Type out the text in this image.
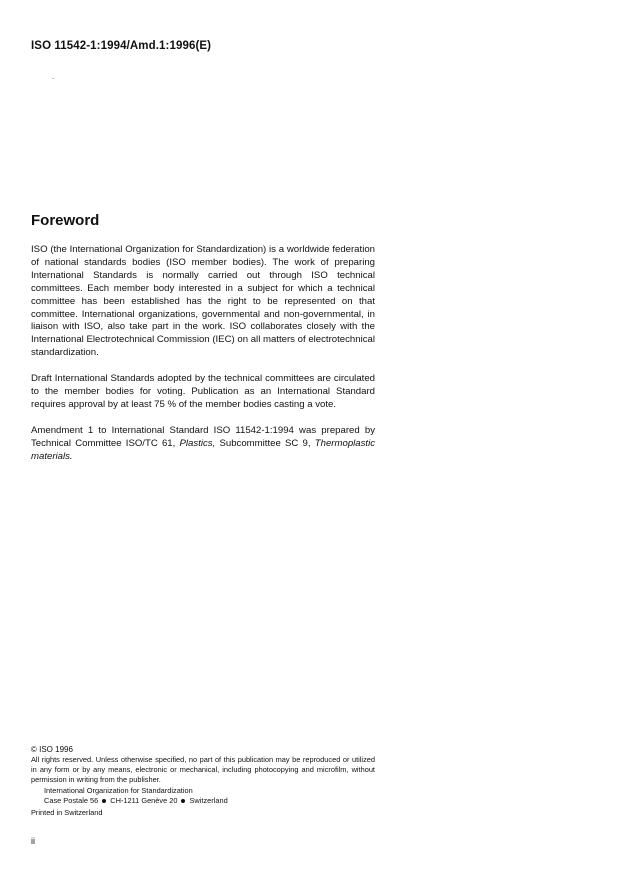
ISO 11542-1:1994/Amd.1:1996(E)
.
Foreword

ISO (the International Organization for Standardization) is a worldwide federation of national standards bodies (ISO member bodies). The work of preparing International Standards is normally carried out through ISO technical committees. Each member body interested in a subject for which a technical committee has been established has the right to be represented on that committee. International organizations, governmental and non-governmental, in liaison with ISO, also take part in the work. ISO collaborates closely with the International Electrotechnical Commission (IEC) on all matters of electrotechnical standardization.

Draft International Standards adopted by the technical committees are circulated to the member bodies for voting. Publication as an International Standard requires approval by at least 75 % of the member bodies casting a vote.

Amendment 1 to International Standard ISO 11542-1:1994 was prepared by Technical Committee ISO/TC 61, Plastics, Subcommittee SC 9, Thermoplastic materials.

© ISO 1996
All rights reserved. Unless otherwise specified, no part of this publication may be reproduced or utilized in any form or by any means, electronic or mechanical, including photocopying and microfilm, without permission in writing from the publisher.
International Organization for Standardization
Case Postale 56 CH-1211 Genève 20 Switzerland
Printed in Switzerland
ii
